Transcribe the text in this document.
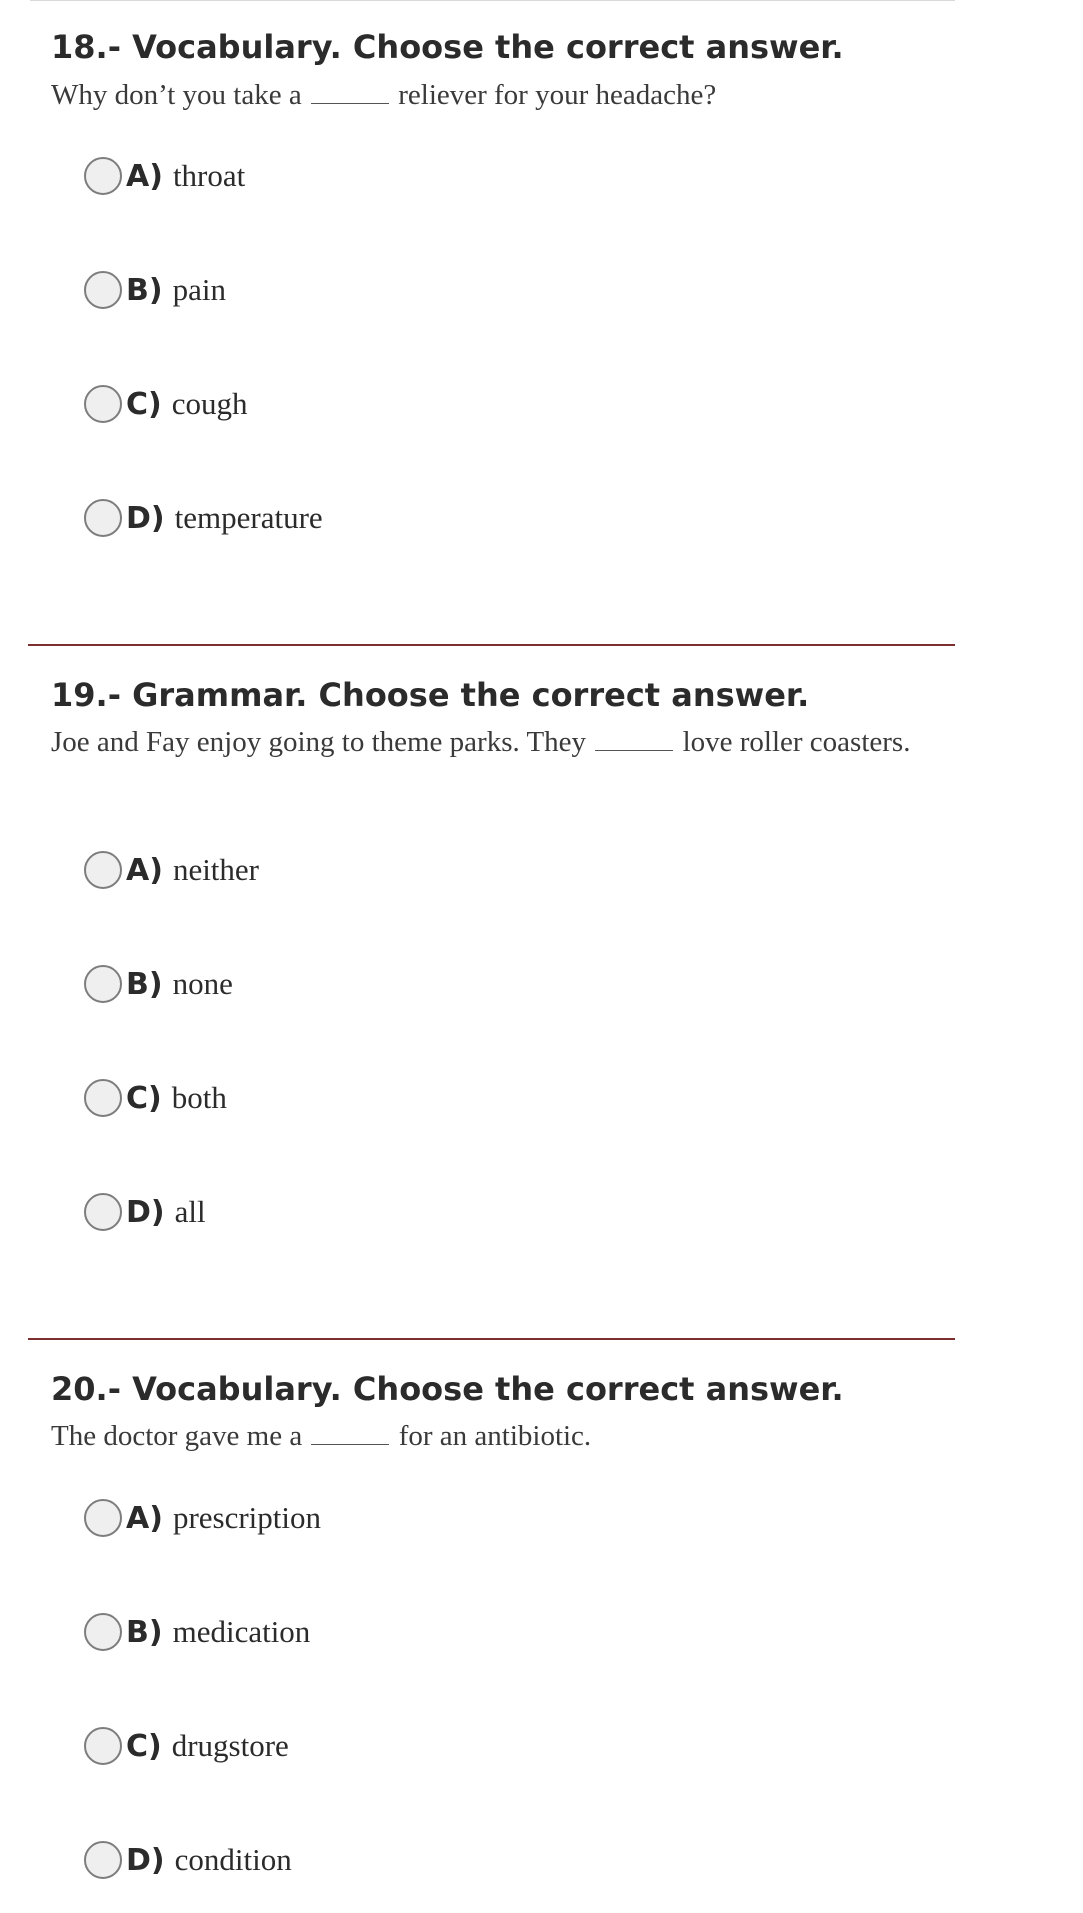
18.- Vocabulary. Choose the correct answer.
Why don’t you take a	reliever for your headache?
A) throat
B) pain
C) cough
D) temperature
19.- Grammar. Choose the correct answer.
Joe and Fay enjoy going to theme parks. They	love roller coasters.
A) neither
B) none
C) both
D) all
20.- Vocabulary. Choose the correct answer.
The doctor gave me a	for an antibiotic.
A) prescription
B) medication
C) drugstore
D) condition
